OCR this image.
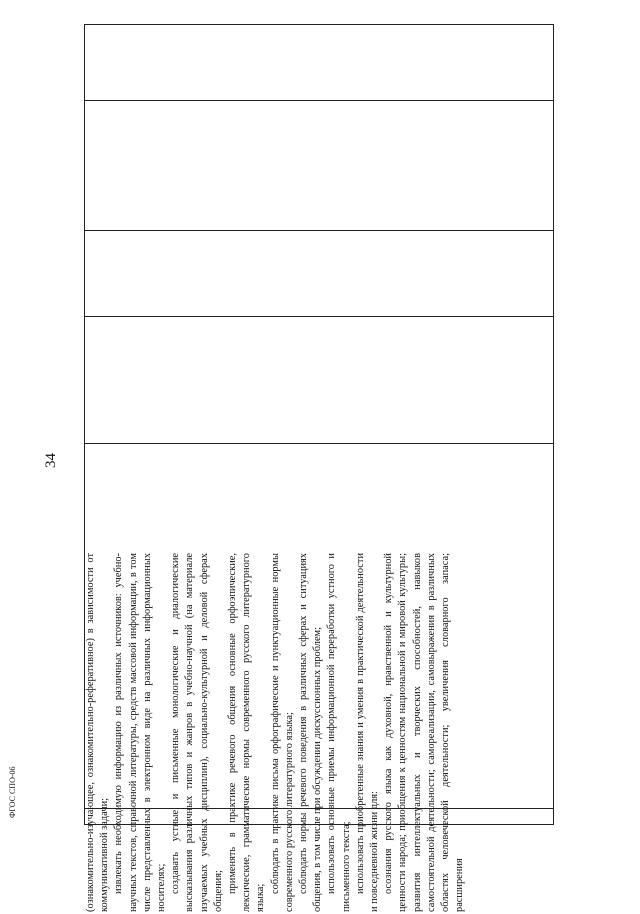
34

(ознакомительно-изучающее, ознакомительно-реферативное) в зависимости от коммуникативной задачи; извлекать необходимую информацию из различных источников: учебно-научных текстов, справочной литературы, средств массовой информации, в том числе представленных в электронном виде на различных информационных носителях; создавать устные и письменные монологические и диалогические высказывания различных типов и жанров в учебно-научной (на материале изучаемых учебных дисциплин), социально-культурной и деловой сферах общения; применять в практике речевого общения основные орфоэпические, лексические, грамматические нормы современного русского литературного языка;

соблюдать в практике письма орфографические и пунктуационные нормы современного русского литературного языка; соблюдать нормы речевого поведения в различных сферах и ситуациях общения, в том числе при обсуждении дискуссионных проблем; использовать основные приемы информационной переработки устного и письменного текста; использовать приобретенные знания и умения в практической деятельности и повседневной жизни для: осознания русского языка как духовной, нравственной и культурной ценности народа; приобщения к ценностям национальной и мировой культуры; развития интеллектуальных и творческих способностей, навыков самостоятельной деятельности; самореализации, самовыражения в различных областях человеческой деятельности; увеличения словарного запаса; расширения

ФГОС СПО-06
